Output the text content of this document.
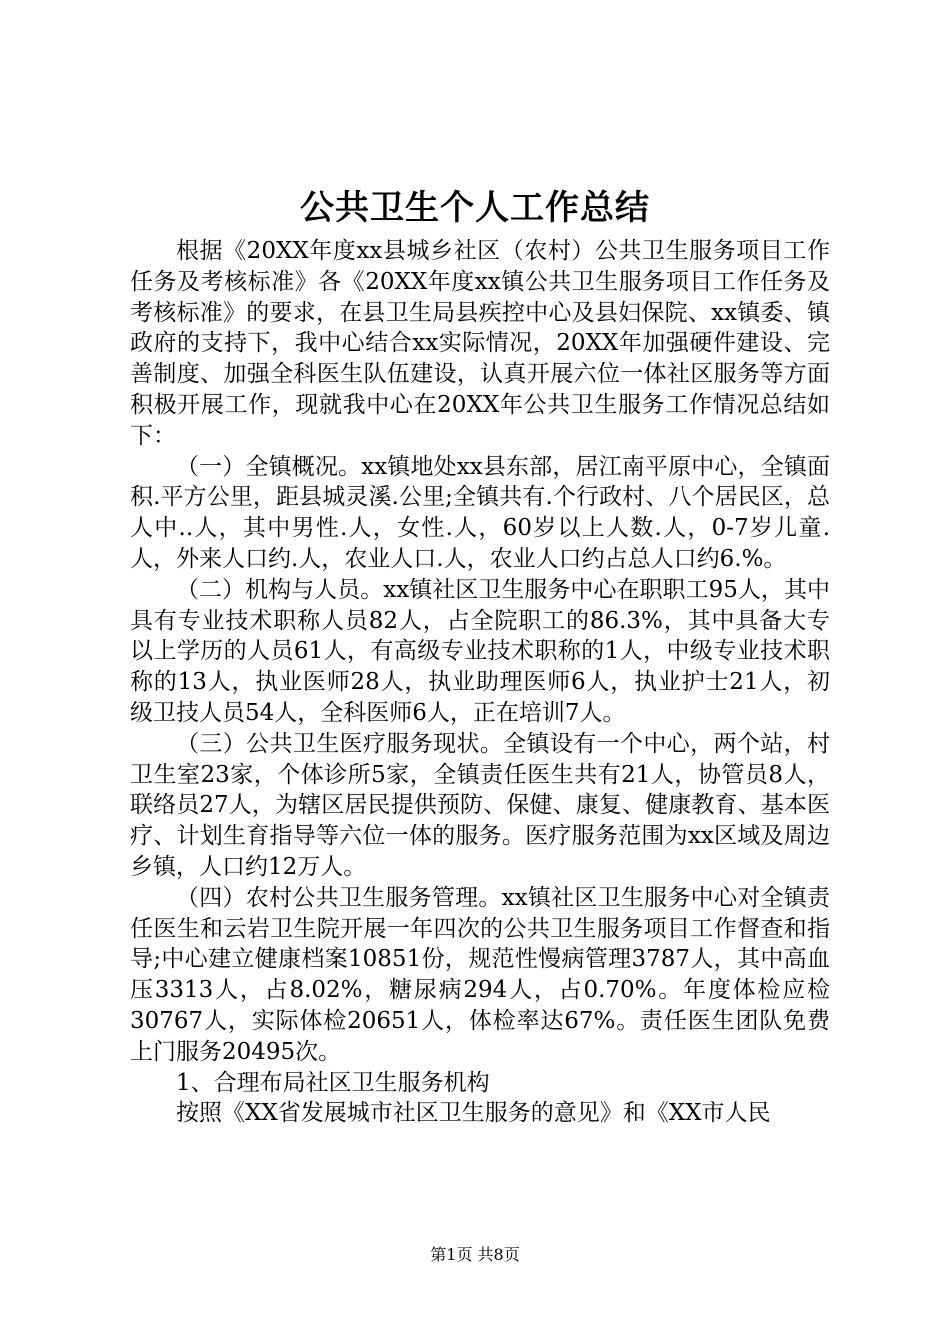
公共卫生个人工作总结

根据《20XX年度xx县城乡社区（农村）公共卫生服务项目工作任务及考核标准》各《20XX年度xx镇公共卫生服务项目工作任务及考核标准》的要求，在县卫生局县疾控中心及县妇保院、xx镇委、镇政府的支持下，我中心结合xx实际情况，20XX年加强硬件建设、完善制度、加强全科医生队伍建设，认真开展六位一体社区服务等方面积极开展工作，现就我中心在20XX年公共卫生服务工作情况总结如下：

（一）全镇概况。xx镇地处xx县东部，居江南平原中心，全镇面积.平方公里，距县城灵溪.公里;全镇共有.个行政村、八个居民区，总人中..人，其中男性.人，女性.人，60岁以上人数.人，0-7岁儿童.人，外来人口约.人，农业人口.人，农业人口约占总人口约6.%。

（二）机构与人员。xx镇社区卫生服务中心在职职工95人，其中具有专业技术职称人员82人，占全院职工的86.3%，其中具备大专以上学历的人员61人，有高级专业技术职称的1人，中级专业技术职称的13人，执业医师28人，执业助理医师6人，执业护士21人，初级卫技人员54人，全科医师6人，正在培训7人。

（三）公共卫生医疗服务现状。全镇设有一个中心，两个站，村卫生室23家，个体诊所5家，全镇责任医生共有21人，协管员8人，联络员27人，为辖区居民提供预防、保健、康复、健康教育、基本医疗、计划生育指导等六位一体的服务。医疗服务范围为xx区域及周边乡镇，人口约12万人。

（四）农村公共卫生服务管理。xx镇社区卫生服务中心对全镇责任医生和云岩卫生院开展一年四次的公共卫生服务项目工作督查和指导;中心建立健康档案10851份，规范性慢病管理3787人，其中高血压3313人，占8.02%，糖尿病294人，占0.70%。年度体检应检30767人，实际体检20651人，体检率达67%。责任医生团队免费上门服务20495次。

1、合理布局社区卫生服务机构

按照《XX省发展城市社区卫生服务的意见》和《XX市人民

第1页 共8页
